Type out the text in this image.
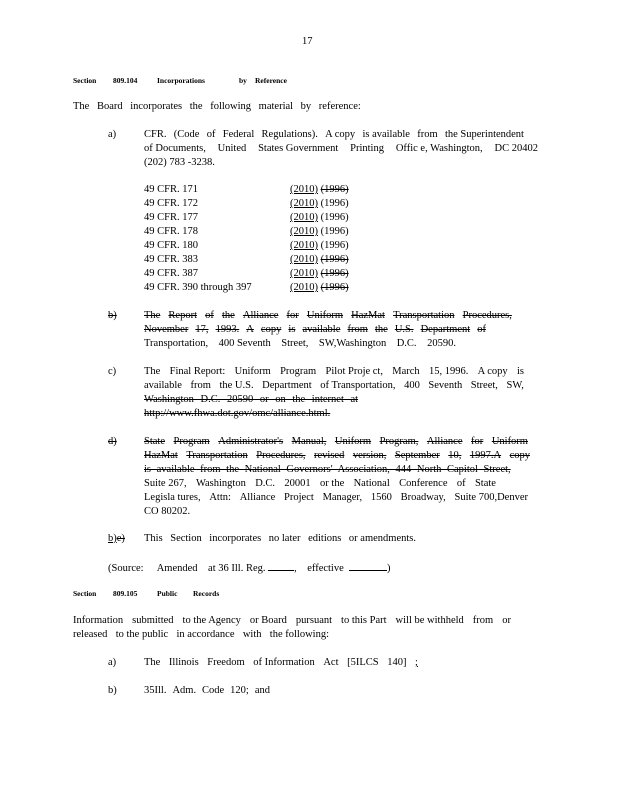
17
Section 809.104	Incorporations	by Reference
The Board incorporates the following material by reference:
a)	CFR. (Code of Federal Regulations). A copy is available from the Superintendent
of Documents, United States Government Printing Offic e, Washington, DC 20402
(202) 783 -3238.
49 CFR. 171	(2010) (1996)
49 CFR. 172	(2010) (1996)
49 CFR. 177	(2010) (1996)
49 CFR. 178	(2010) (1996)
49 CFR. 180	(2010) (1996)
49 CFR. 383	(2010) (1996)
49 CFR. 387	(2010) (1996)
49 CFR. 390 through 397	(2010) (1996)
b)	The Report of the Alliance for Uniform HazMat Transportation Procedures,
November 17, 1993. A copy is available from the U.S. Department of
Transportation, 400 Seventh Street, SW,Washington D.C. 20590.
c)	The Final Report: Uniform Program Pilot Proje ct, March 15, 1996. A copy is
available from the U.S. Department of Transportation, 400 Seventh Street, SW,
Washington D.C. 20590 or on the internet at
http://www.fhwa.dot.gov/omc/alliance.html.
d)	State Program Administrator's Manual, Uniform Program, Alliance for Uniform
HazMat Transportation Procedures, revised version, September 10, 1997.A copy
is available from the National Governors' Association, 444 North Capitol Street,
Suite 267, Washington D.C. 20001 or the National Conference of State
Legisla tures, Attn: Alliance Project Manager, 1560 Broadway, Suite 700,Denver
CO 80202.
b)e) This Section incorporates no later editions or amendments.
(Source: Amended at 36 Ill. Reg.	, effective	)
Section 809.105	Public Records
Information submitted to the Agency or Board pursuant to this Part will be withheld from or
released to the public in accordance with the following:
a)	The Illinois Freedom of Information Act [5ILCS 140] ;
b)	35Ill. Adm. Code 120; and
